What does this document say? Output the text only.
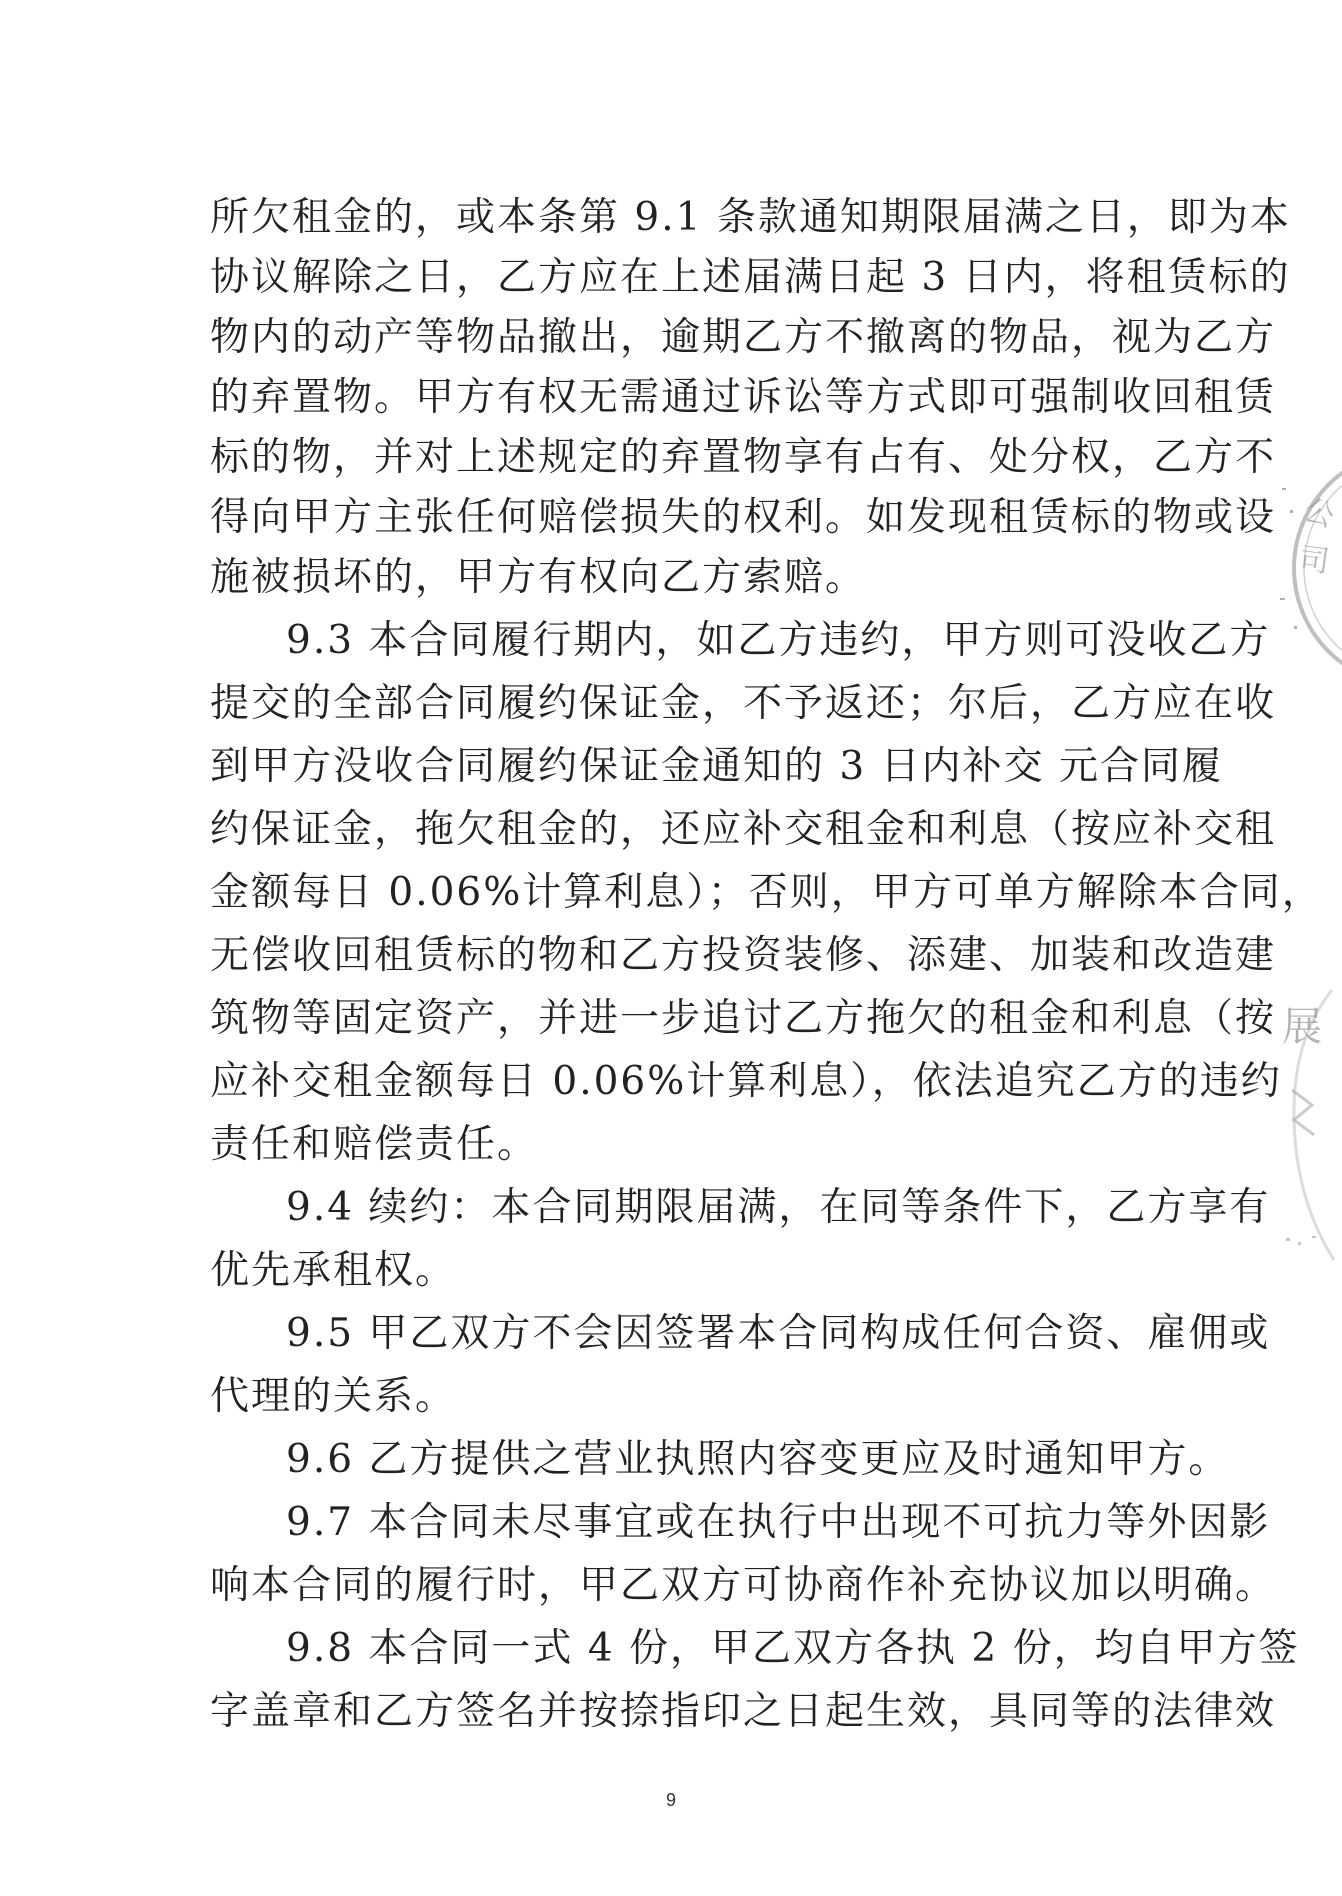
所欠租金的，或本条第 9.1 条款通知期限届满之日，即为本
协议解除之日，乙方应在上述届满日起 3 日内，将租赁标的
物内的动产等物品撤出，逾期乙方不撤离的物品，视为乙方
的弃置物。甲方有权无需通过诉讼等方式即可强制收回租赁
标的物，并对上述规定的弃置物享有占有、处分权，乙方不
得向甲方主张任何赔偿损失的权利。如发现租赁标的物或设
施被损坏的，甲方有权向乙方索赔。
9.3 本合同履行期内，如乙方违约，甲方则可没收乙方
提交的全部合同履约保证金，不予返还；尔后，乙方应在收
到甲方没收合同履约保证金通知的 3 日内补交 元合同履
约保证金，拖欠租金的，还应补交租金和利息（按应补交租
金额每日 0.06%计算利息）；否则，甲方可单方解除本合同，
无偿收回租赁标的物和乙方投资装修、添建、加装和改造建
筑物等固定资产，并进一步追讨乙方拖欠的租金和利息（按
应补交租金额每日 0.06%计算利息），依法追究乙方的违约
责任和赔偿责任。
9.4 续约：本合同期限届满，在同等条件下，乙方享有
优先承租权。
9.5 甲乙双方不会因签署本合同构成任何合资、雇佣或
代理的关系。
9.6 乙方提供之营业执照内容变更应及时通知甲方。
9.7 本合同未尽事宜或在执行中出现不可抗力等外因影
响本合同的履行时，甲乙双方可协商作补充协议加以明确。
9.8 本合同一式 4 份，甲乙双方各执 2 份，均自甲方签
字盖章和乙方签名并按捺指印之日起生效，具同等的法律效
9
公
司
展
